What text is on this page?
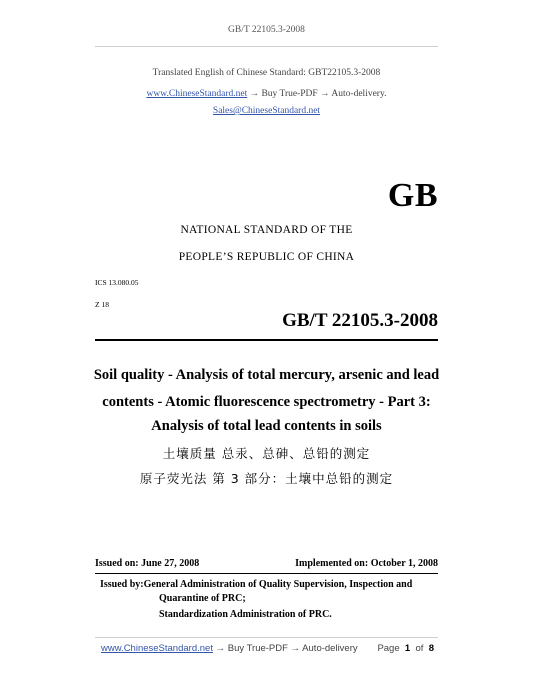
GB/T 22105.3-2008
Translated English of Chinese Standard: GBT22105.3-2008
www.ChineseStandard.net → Buy True-PDF → Auto-delivery.
Sales@ChineseStandard.net
GB
NATIONAL STANDARD OF THE
PEOPLE’S REPUBLIC OF CHINA
ICS 13.080.05
Z 18
GB/T 22105.3-2008
Soil quality - Analysis of total mercury, arsenic and lead
contents - Atomic fluorescence spectrometry - Part 3:
Analysis of total lead contents in soils
土壤质量 总汞、总砷、总铅的测定
原子荧光法 第 3 部分：土壤中总铅的测定
Issued on: June 27, 2008	Implemented on: October 1, 2008
Issued by:General Administration of Quality Supervision, Inspection and
Quarantine of PRC;
Standardization Administration of PRC.
www.ChineseStandard.net → Buy True-PDF → Auto-delivery Page 1 of 8
